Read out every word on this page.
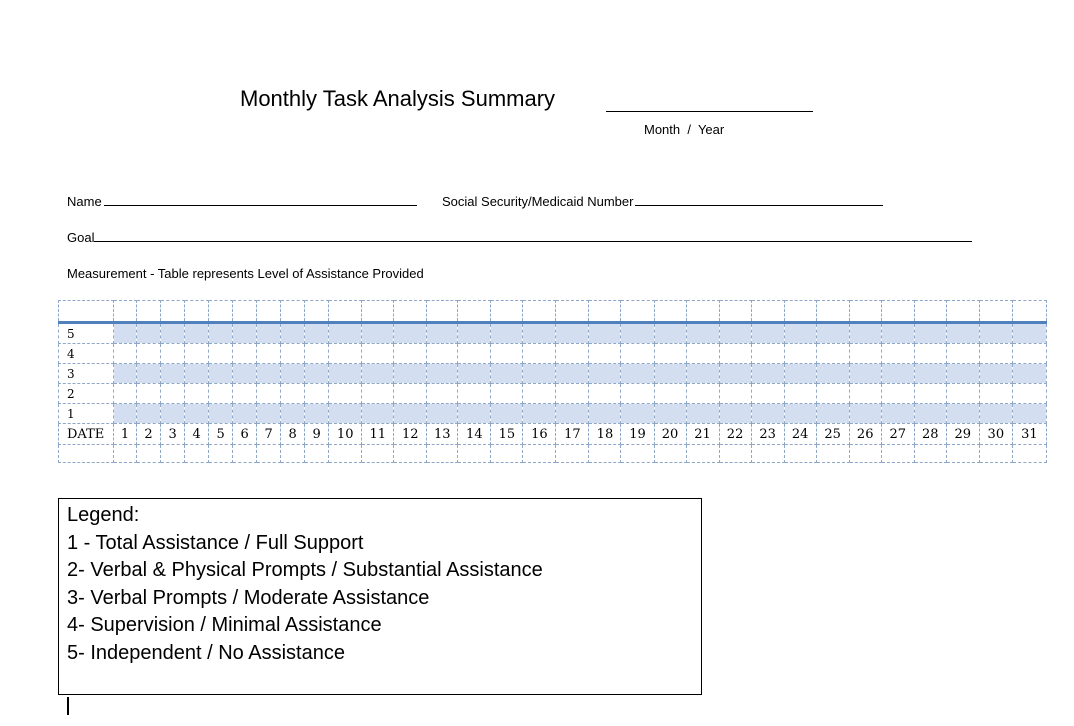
Monthly Task Analysis Summary
Month  /  Year
Name	Social Security/Medicaid Number
Goal
Measurement - Table represents Level of Assistance Provided

5																															
4																															
3																															
2																															
1																															
DATE	1	2	3	4	5	6	7	8	9	10	11	12	13	14	15	16	17	18	19	20	21	22	23	24	25	26	27	28	29	30	31

Legend:
1 - Total Assistance / Full Support
2- Verbal & Physical Prompts / Substantial Assistance
3- Verbal Prompts / Moderate Assistance
4- Supervision / Minimal Assistance
5- Independent / No Assistance
